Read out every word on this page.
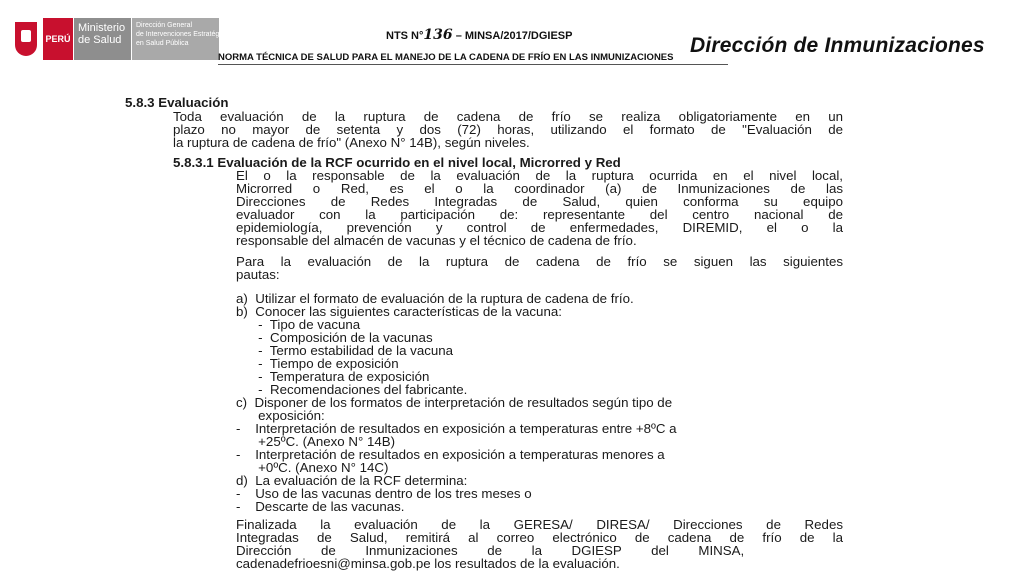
PERÚ
Ministerio
de Salud
Dirección General
de Intervenciones Estratégicas
en Salud Pública
NTS N°136 – MINSA/2017/DGIESP
NORMA TÉCNICA DE SALUD PARA EL MANEJO DE LA CADENA DE FRÍO EN LAS INMUNIZACIONES
Dirección de Inmunizaciones
5.8.3 Evaluación
Toda evaluación de la ruptura de cadena de frío se realiza obligatoriamente en un
plazo no mayor de setenta y dos (72) horas, utilizando el formato de "Evaluación de
la ruptura de cadena de frío" (Anexo N° 14B), según niveles.
5.8.3.1 Evaluación de la RCF ocurrido en el nivel local, Microrred y Red
El o la responsable de la evaluación de la ruptura ocurrida en el nivel local,
Microrred o Red, es el o la coordinador (a) de Inmunizaciones de las
Direcciones de Redes Integradas de Salud, quien conforma su equipo
evaluador con la participación de: representante del centro nacional de
epidemiología, prevención y control de enfermedades, DIREMID, el o la
responsable del almacén de vacunas y el técnico de cadena de frío.
Para la evaluación de la ruptura de cadena de frío se siguen las siguientes
pautas:
a)  Utilizar el formato de evaluación de la ruptura de cadena de frío.
b)  Conocer las siguientes características de la vacuna:
-  Tipo de vacuna
-  Composición de la vacunas
-  Termo estabilidad de la vacuna
-  Tiempo de exposición
-  Temperatura de exposición
-  Recomendaciones del fabricante.
c)  Disponer de los formatos de interpretación de resultados según tipo de
exposición:
-    Interpretación de resultados en exposición a temperaturas entre +8ºC a
+25ºC. (Anexo N° 14B)
-    Interpretación de resultados en exposición a temperaturas menores a
+0ºC. (Anexo N° 14C)
d)  La evaluación de la RCF determina:
-    Uso de las vacunas dentro de los tres meses o
-    Descarte de las vacunas.
Finalizada la evaluación de la GERESA/ DIRESA/ Direcciones de Redes
Integradas de Salud, remitirá al correo electrónico de cadena de frío de la
Dirección        de        Inmunizaciones        de        la        DGIESP        del        MINSA,
cadenadefrioesni@minsa.gob.pe los resultados de la evaluación.
